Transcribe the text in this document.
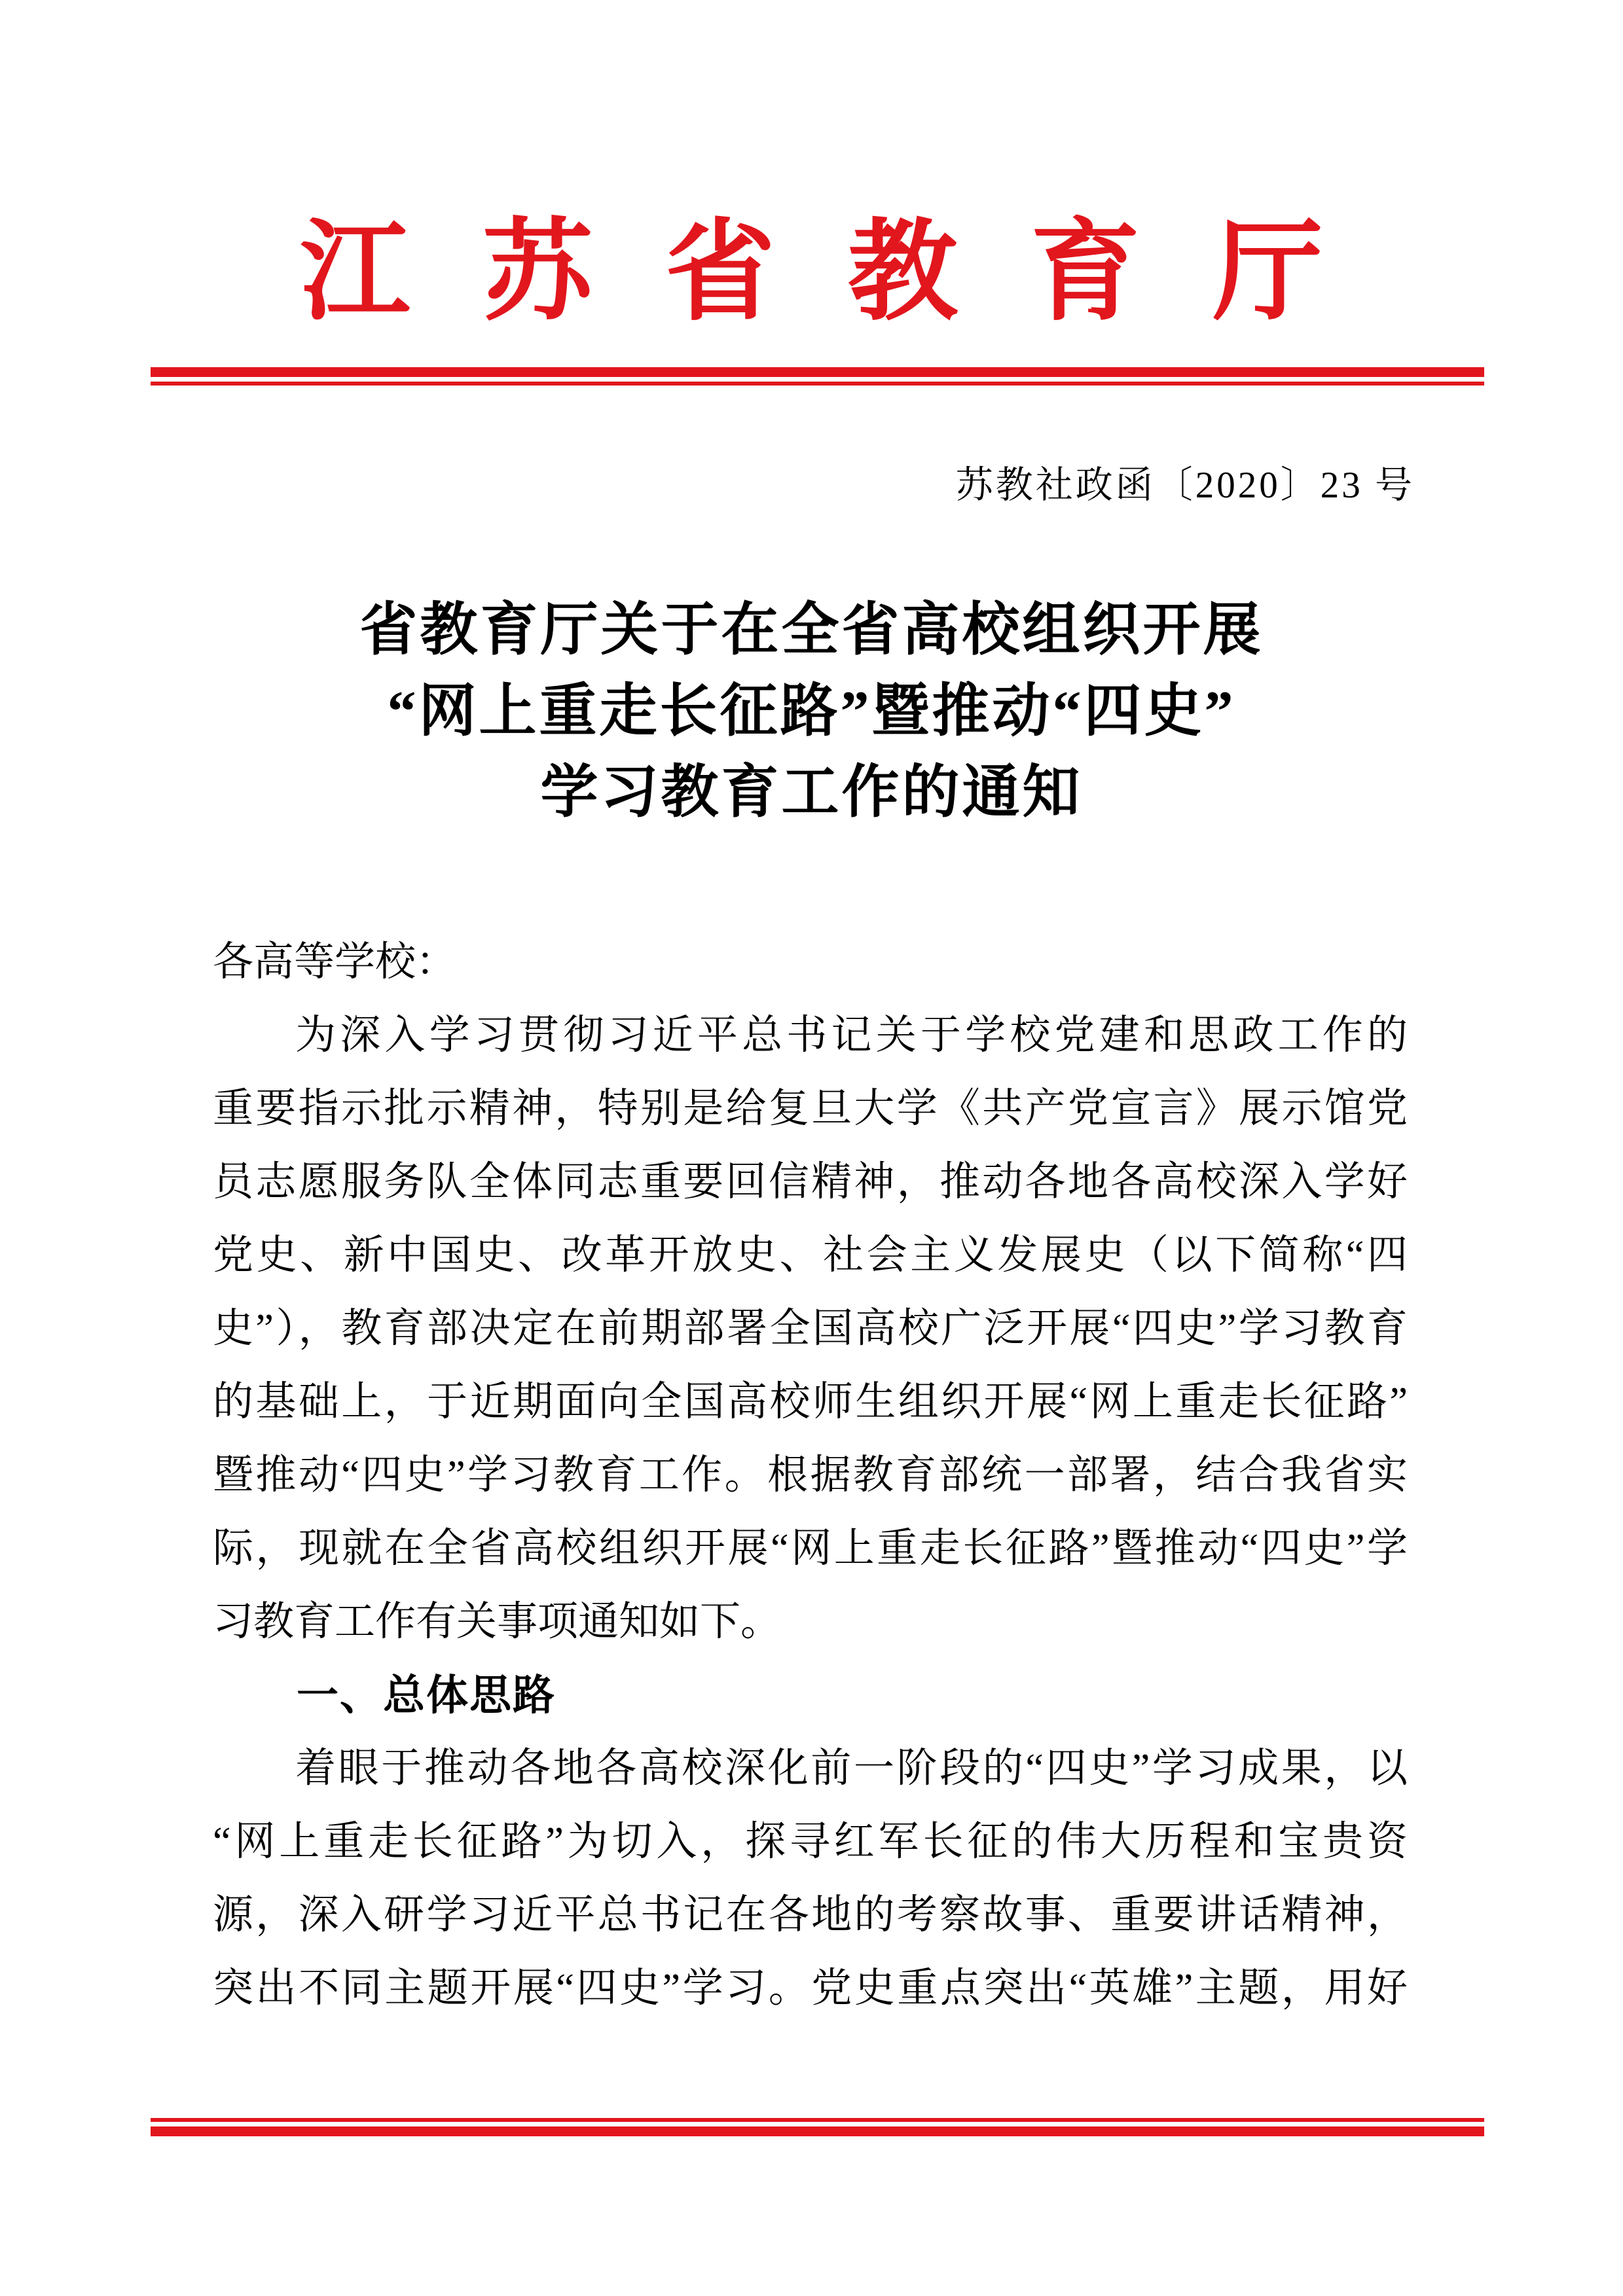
江苏省教育厅
苏教社政函〔2020〕23 号
省教育厅关于在全省高校组织开展
“网上重走长征路”暨推动“四史”
学习教育工作的通知
各高等学校：
为深入学习贯彻习近平总书记关于学校党建和思政工作的
重要指示批示精神，特别是给复旦大学《共产党宣言》展示馆党
员志愿服务队全体同志重要回信精神，推动各地各高校深入学好
党史、新中国史、改革开放史、社会主义发展史（以下简称“四
史”），教育部决定在前期部署全国高校广泛开展“四史”学习教育
的基础上，于近期面向全国高校师生组织开展“网上重走长征路”
暨推动“四史”学习教育工作。根据教育部统一部署，结合我省实
际，现就在全省高校组织开展“网上重走长征路”暨推动“四史”学
习教育工作有关事项通知如下。
一、总体思路
着眼于推动各地各高校深化前一阶段的“四史”学习成果，以
“网上重走长征路”为切入，探寻红军长征的伟大历程和宝贵资
源，深入研学习近平总书记在各地的考察故事、重要讲话精神，
突出不同主题开展“四史”学习。党史重点突出“英雄”主题，用好
